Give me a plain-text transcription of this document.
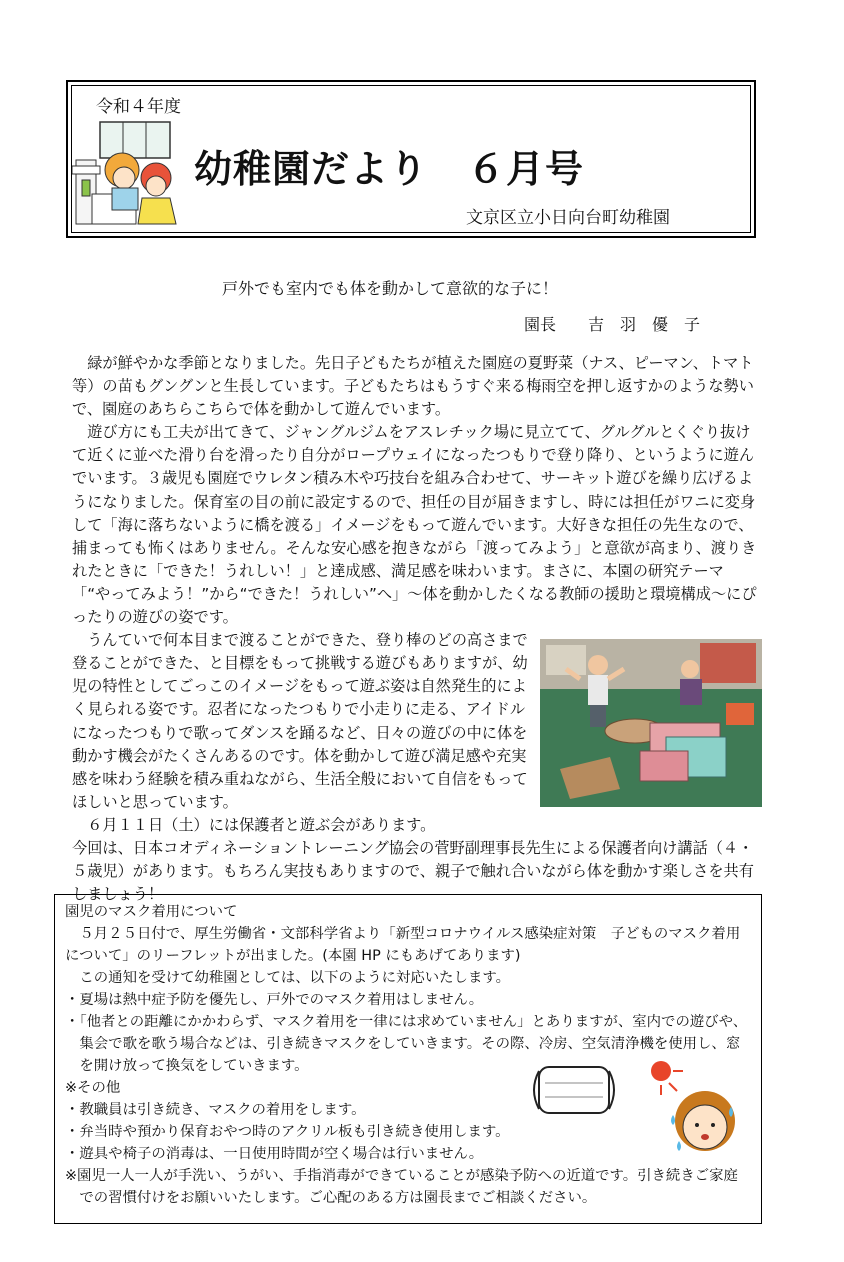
令和４年度
幼稚園だより　６月号
文京区立小日向台町幼稚園
戸外でも室内でも体を動かして意欲的な子に！
園長　　吉　羽　優　子

緑が鮮やかな季節となりました。先日子どもたちが植えた園庭の夏野菜（ナス、ピーマン、トマト等）の苗もグングンと生長しています。子どもたちはもうすぐ来る梅雨空を押し返すかのような勢いで、園庭のあちらこちらで体を動かして遊んでいます。

遊び方にも工夫が出てきて、ジャングルジムをアスレチック場に見立てて、グルグルとくぐり抜けて近くに並べた滑り台を滑ったり自分がロープウェイになったつもりで登り降り、というように遊んでいます。３歳児も園庭でウレタン積み木や巧技台を組み合わせて、サーキット遊びを繰り広げるようになりました。保育室の目の前に設定するので、担任の目が届きますし、時には担任がワニに変身して「海に落ちないように橋を渡る」イメージをもって遊んでいます。大好きな担任の先生なので、捕まっても怖くはありません。そんな安心感を抱きながら「渡ってみよう」と意欲が高まり、渡りきれたときに「できた！うれしい！」と達成感、満足感を味わいます。まさに、本園の研究テーマ「“やってみよう！”から“できた！うれしい”へ」～体を動かしたくなる教師の援助と環境構成～にぴったりの遊びの姿です。

うんていで何本目まで渡ることができた、登り棒のどの高さまで登ることができた、と目標をもって挑戦する遊びもありますが、幼児の特性としてごっこのイメージをもって遊ぶ姿は自然発生的によく見られる姿です。忍者になったつもりで小走りに走る、アイドルになったつもりで歌ってダンスを踊るなど、日々の遊びの中に体を動かす機会がたくさんあるのです。体を動かして遊び満足感や充実感を味わう経験を積み重ねながら、生活全般において自信をもってほしいと思っています。

６月１１日（土）には保護者と遊ぶ会があります。

今回は、日本コオディネーショントレーニング協会の菅野副理事長先生による保護者向け講話（４・５歳児）があります。もちろん実技もありますので、親子で触れ合いながら体を動かす楽しさを共有しましょう！

園児のマスク着用について

５月２５日付で、厚生労働省・文部科学省より「新型コロナウイルス感染症対策　子どものマスク着用について」のリーフレットが出ました。(本園 HP にもあげてあります)

この通知を受けて幼稚園としては、以下のように対応いたします。

・夏場は熱中症予防を優先し、戸外でのマスク着用はしません。

・「他者との距離にかかわらず、マスク着用を一律には求めていません」とありますが、室内での遊びや、集会で歌を歌う場合などは、引き続きマスクをしていきます。その際、冷房、空気清浄機を使用し、窓を開け放って換気をしていきます。

※その他

・教職員は引き続き、マスクの着用をします。

・弁当時や預かり保育おやつ時のアクリル板も引き続き使用します。

・遊具や椅子の消毒は、一日使用時間が空く場合は行いません。

※園児一人一人が手洗い、うがい、手指消毒ができていることが感染予防への近道です。引き続きご家庭での習慣付けをお願いいたします。ご心配のある方は園長までご相談ください。
